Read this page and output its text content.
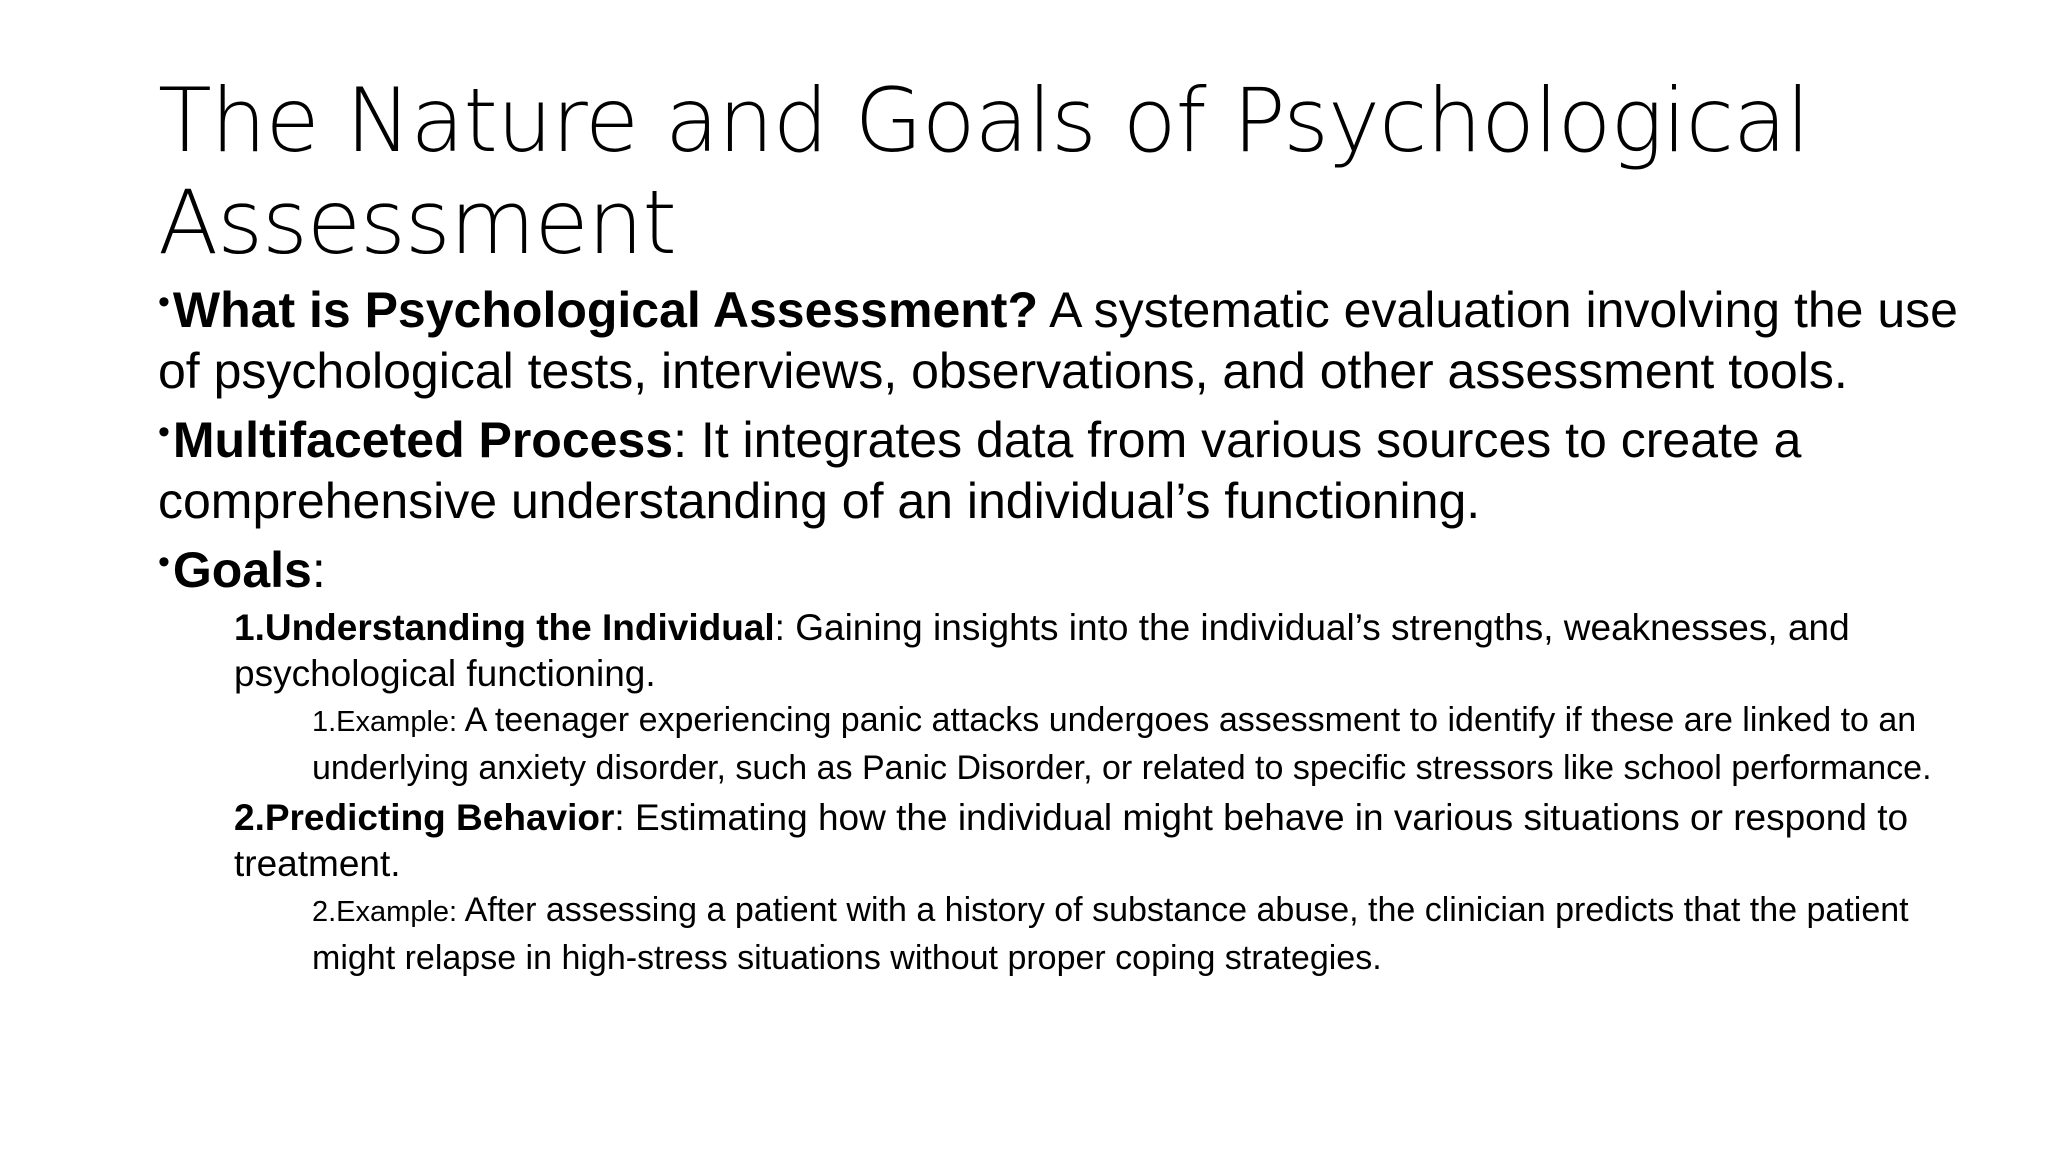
The Nature and Goals of Psychological Assessment

•What is Psychological Assessment? A systematic evaluation involving the use of psychological tests, interviews, observations, and other assessment tools.

•Multifaceted Process: It integrates data from various sources to create a comprehensive understanding of an individual’s functioning.

•Goals:

1.Understanding the Individual: Gaining insights into the individual’s strengths, weaknesses, and psychological functioning.

1.Example: A teenager experiencing panic attacks undergoes assessment to identify if these are linked to an underlying anxiety disorder, such as Panic Disorder, or related to specific stressors like school performance.

2.Predicting Behavior: Estimating how the individual might behave in various situations or respond to treatment.

2.Example: After assessing a patient with a history of substance abuse, the clinician predicts that the patient might relapse in high-stress situations without proper coping strategies.
